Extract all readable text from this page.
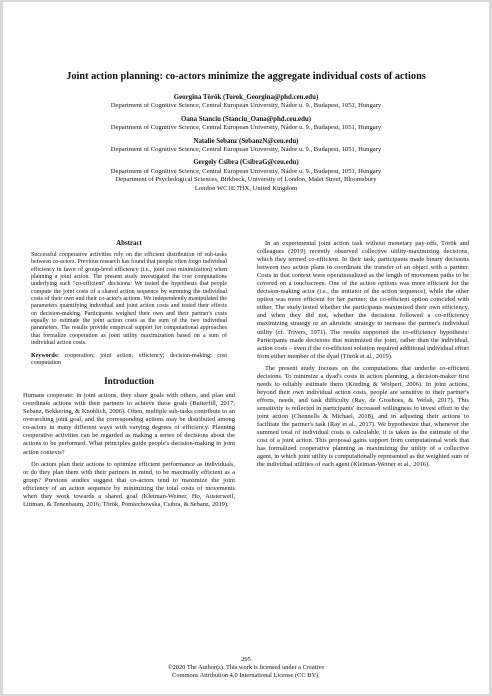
Joint action planning: co-actors minimize the aggregate individual costs of actions
Georgina Török (Torok_Georgina@phd.ceu.edu)
Department of Cognitive Science, Central European University, Nádor u. 9., Budapest, 1051, Hungary
Oana Stanciu (Stanciu_Oana@phd.ceu.edu)
Department of Cognitive Science, Central European University, Nádor u. 9., Budapest, 1051, Hungary
Natalie Sebanz (SebanzN@ceu.edu)
Department of Cognitive Science, Central European University, Nádor u. 9., Budapest, 1051, Hungary
Gergely Csibra (CsibraG@ceu.edu)
Department of Cognitive Science, Central European University, Nádor u. 9., Budapest, 1051, Hungary
Department of Psychological Sciences, Birkbeck, University of London, Malet Street, Bloomsbury
London WC1E 7HX, United Kingdom
Abstract
Successful cooperative activities rely on the efficient distribution of sub-tasks between co-actors. Previous research has found that people often forgo individual efficiency in favor of group-level efficiency (i.e., joint cost minimization) when planning a joint action. The present study investigated the cost computations underlying such "co-efficient" decisions: We tested the hypothesis that people compute the joint costs of a shared action sequence by summing the individual costs of their own and their co-actor's actions. We independently manipulated the parameters quantifying individual and joint action costs and tested their effects on decision-making. Participants weighed their own and their partner's costs equally to estimate the joint action costs as the sum of the two individual parameters. The results provide empirical support for computational approaches that formalize cooperation as joint utility maximization based on a sum of individual action costs.
Keywords: cooperation; joint action; efficiency; decision-making; cost computation
Introduction

Humans cooperate: in joint actions, they share goals with others, and plan and coordinate actions with their partners to achieve these goals (Butterfill, 2017; Sebanz, Bekkering, & Knoblich, 2006). Often, multiple sub-tasks contribute to an overarching joint goal, and the corresponding actions may be distributed among co-actors in many different ways with varying degrees of efficiency. Planning cooperative activities can be regarded as making a series of decisions about the actions to be performed. What principles guide people's decision-making in joint action contexts?

Do actors plan their actions to optimize efficient performance as individuals, or do they plan them with their partners in mind, to be maximally efficient as a group? Previous studies suggest that co-actors tend to maximize the joint efficiency of an action sequence by minimizing the total costs of movements when they work towards a shared goal (Kleiman-Weiner, Ho, Austerweil, Littman, & Tenenbaum, 2016; Török, Pomiechowska, Csibra, & Sebanz, 2019).

In an experimental joint action task without monetary pay-offs, Török and colleagues (2019) recently observed collective utility-maximizing decisions, which they termed co-efficient. In their task, participants made binary decisions between two action plans to coordinate the transfer of an object with a partner. Costs in that context were operationalized as the length of movement paths to be covered on a touchscreen. One of the action options was more efficient for the decision-making actor (i.e., the initiator of the action sequence), while the other option was more efficient for her partner; the co-efficient option coincided with either. The study tested whether the participants maximized their own efficiency, and when they did not, whether the decisions followed a co-efficiency maximizing strategy or an altruistic strategy to increase the partner's individual utility (cf. Trivers, 1971). The results supported the co-efficiency hypothesis: Participants made decisions that minimized the joint, rather than the individual, action costs – even if the co-efficient solution required additional individual effort from either member of the dyad (Török et al., 2019).

The present study focuses on the computations that underlie co-efficient decisions. To minimize a dyad's costs in action planning, a decision-maker first needs to reliably estimate them (Körding & Wolpert, 2006). In joint actions, beyond their own individual action costs, people are sensitive to their partner's efforts, needs, and task difficulty (Ray, de Groshoes, & Welsh, 2017). This sensitivity is reflected in participants' increased willingness to invest effort in the joint action (Chennells & Michael, 2018), and in adjusting their actions to facilitate the partner's task (Ray et al., 2017). We hypothesize that, whenever the summed total of individual costs is calculable, it is taken as the estimate of the cost of a joint action. This proposal gains support from computational work that has formalized cooperative planning as maximizing the utility of a collective agent, in which joint utility is computationally represented as the weighted sum of the individual utilities of each agent (Kleiman-Weiner et al., 2016).

295
©2020 The Author(s). This work is licensed under a Creative
Commons Attribution 4.0 International License (CC BY).
